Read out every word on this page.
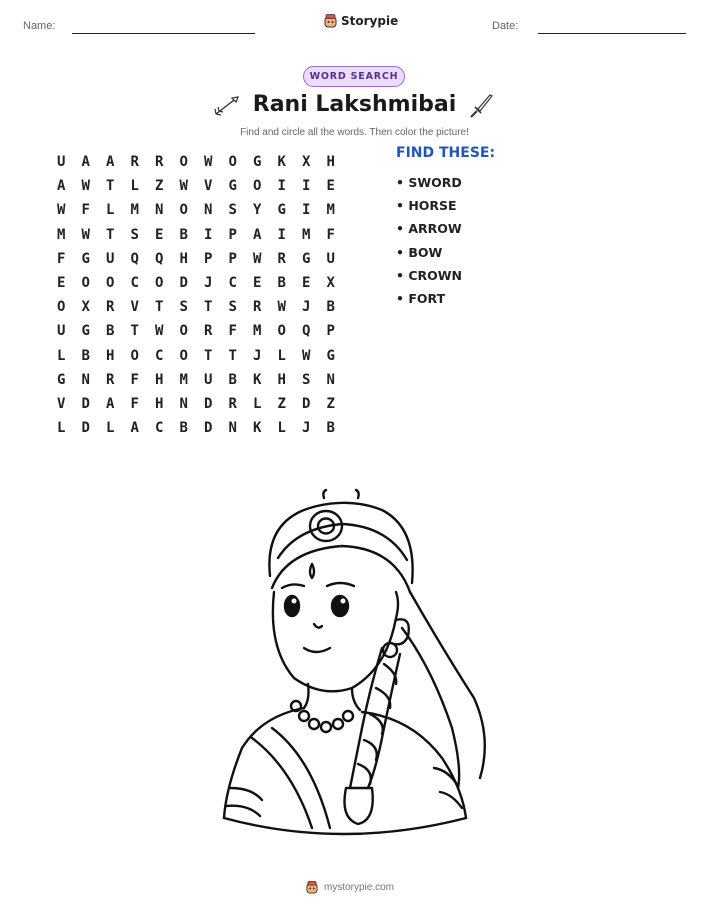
Name:	Storypie	Date:
WORD SEARCH
Rani Lakshmibai
Find and circle all the words. Then color the picture!
U	A	A	R	R	O	W	O	G	K	X	H
A	W	T	L	Z	W	V	G	O	I	I	E
W	F	L	M	N	O	N	S	Y	G	I	M
M	W	T	S	E	B	I	P	A	I	M	F
F	G	U	Q	Q	H	P	P	W	R	G	U
E	O	O	C	O	D	J	C	E	B	E	X
O	X	R	V	T	S	T	S	R	W	J	B
U	G	B	T	W	O	R	F	M	O	Q	P
L	B	H	O	C	O	T	T	J	L	W	G
G	N	R	F	H	M	U	B	K	H	S	N
V	D	A	F	H	N	D	R	L	Z	D	Z
L	D	L	A	C	B	D	N	K	L	J	B
FIND THESE:
• SWORD
• HORSE
• ARROW
• BOW
• CROWN
• FORT
mystorypie.com
